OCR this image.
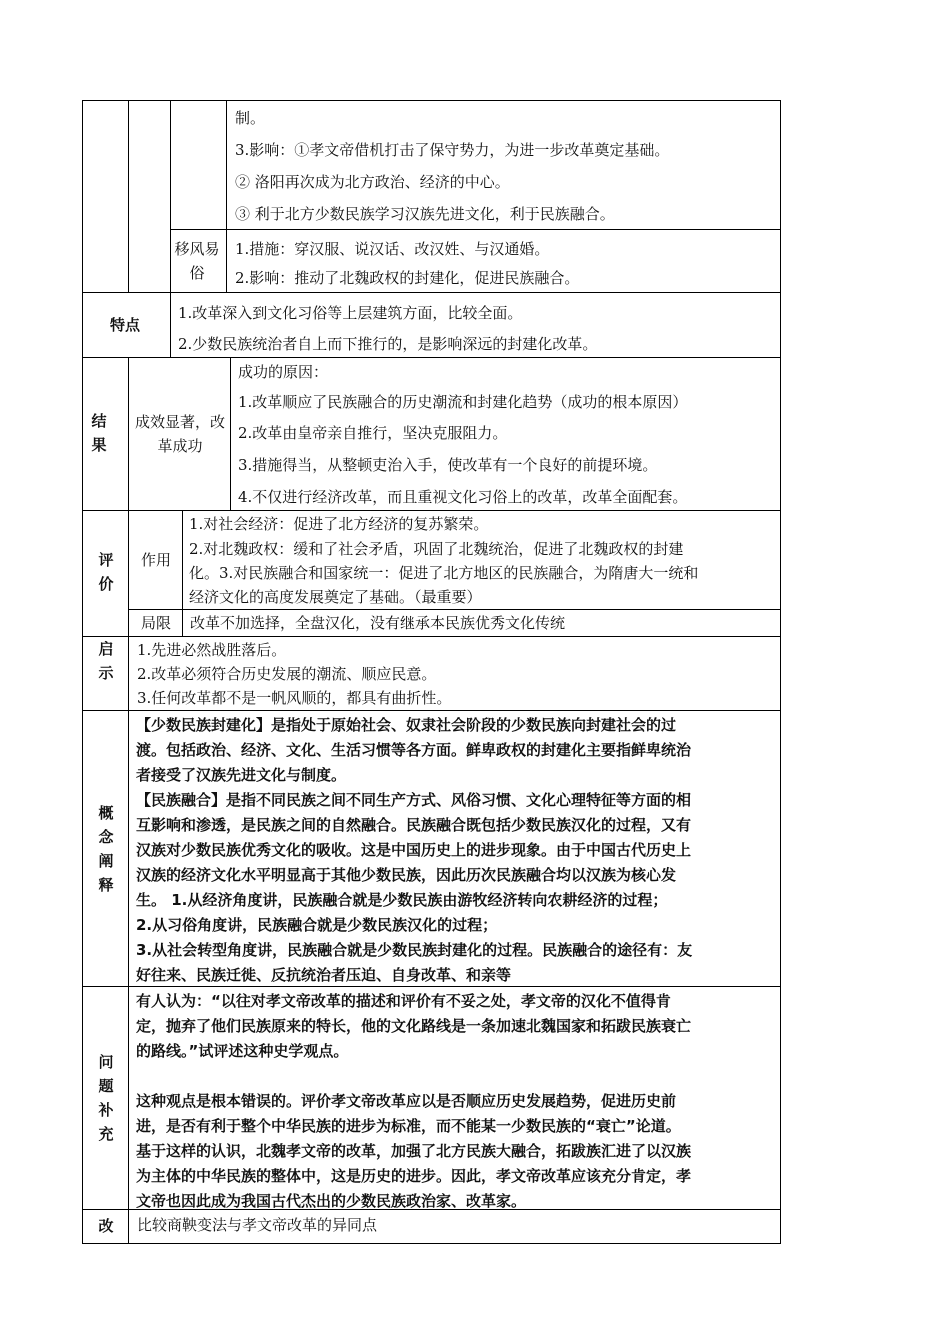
制。
3.影响：①孝文帝借机打击了保守势力，为进一步改革奠定基础。
② 洛阳再次成为北方政治、经济的中心。
③ 利于北方少数民族学习汉族先进文化，利于民族融合。
移风易俗
1.措施：穿汉服、说汉话、改汉姓、与汉通婚。
2.影响：推动了北魏政权的封建化，促进民族融合。
特点
1.改革深入到文化习俗等上层建筑方面，比较全面。
2.少数民族统治者自上而下推行的，是影响深远的封建化改革。
结果
成效显著，改革成功
成功的原因：
1.改革顺应了民族融合的历史潮流和封建化趋势（成功的根本原因）
2.改革由皇帝亲自推行，坚决克服阻力。
3.措施得当，从整顿吏治入手，使改革有一个良好的前提环境。
4.不仅进行经济改革，而且重视文化习俗上的改革，改革全面配套。
评价
作用
1.对社会经济：促进了北方经济的复苏繁荣。
2.对北魏政权：缓和了社会矛盾，巩固了北魏统治，促进了北魏政权的封建
化。3.对民族融合和国家统一：促进了北方地区的民族融合，为隋唐大一统和
经济文化的高度发展奠定了基础。（最重要）
局限	改革不加选择，全盘汉化，没有继承本民族优秀文化传统
启示
1.先进必然战胜落后。
2.改革必须符合历史发展的潮流、顺应民意。
3.任何改革都不是一帆风顺的，都具有曲折性。
概念阐释
【少数民族封建化】是指处于原始社会、奴隶社会阶段的少数民族向封建社会的过
渡。包括政治、经济、文化、生活习惯等各方面。鲜卑政权的封建化主要指鲜卑统治
者接受了汉族先进文化与制度。
【民族融合】是指不同民族之间不同生产方式、风俗习惯、文化心理特征等方面的相
互影响和渗透，是民族之间的自然融合。民族融合既包括少数民族汉化的过程，又有
汉族对少数民族优秀文化的吸收。这是中国历史上的进步现象。由于中国古代历史上
汉族的经济文化水平明显高于其他少数民族，因此历次民族融合均以汉族为核心发
生。 1.从经济角度讲，民族融合就是少数民族由游牧经济转向农耕经济的过程；
2.从习俗角度讲，民族融合就是少数民族汉化的过程；
3.从社会转型角度讲，民族融合就是少数民族封建化的过程。民族融合的途径有：友
好往来、民族迁徙、反抗统治者压迫、自身改革、和亲等
问题补充
有人认为：“以往对孝文帝改革的描述和评价有不妥之处，孝文帝的汉化不值得肯
定，抛弃了他们民族原来的特长，他的文化路线是一条加速北魏国家和拓跋民族衰亡
的路线。”试评述这种史学观点。
这种观点是根本错误的。评价孝文帝改革应以是否顺应历史发展趋势，促进历史前
进，是否有利于整个中华民族的进步为标准，而不能某一少数民族的“衰亡”论道。
基于这样的认识，北魏孝文帝的改革，加强了北方民族大融合，拓跋族汇进了以汉族
为主体的中华民族的整体中，这是历史的进步。因此，孝文帝改革应该充分肯定，孝
文帝也因此成为我国古代杰出的少数民族政治家、改革家。
改 比较商鞅变法与孝文帝改革的异同点
